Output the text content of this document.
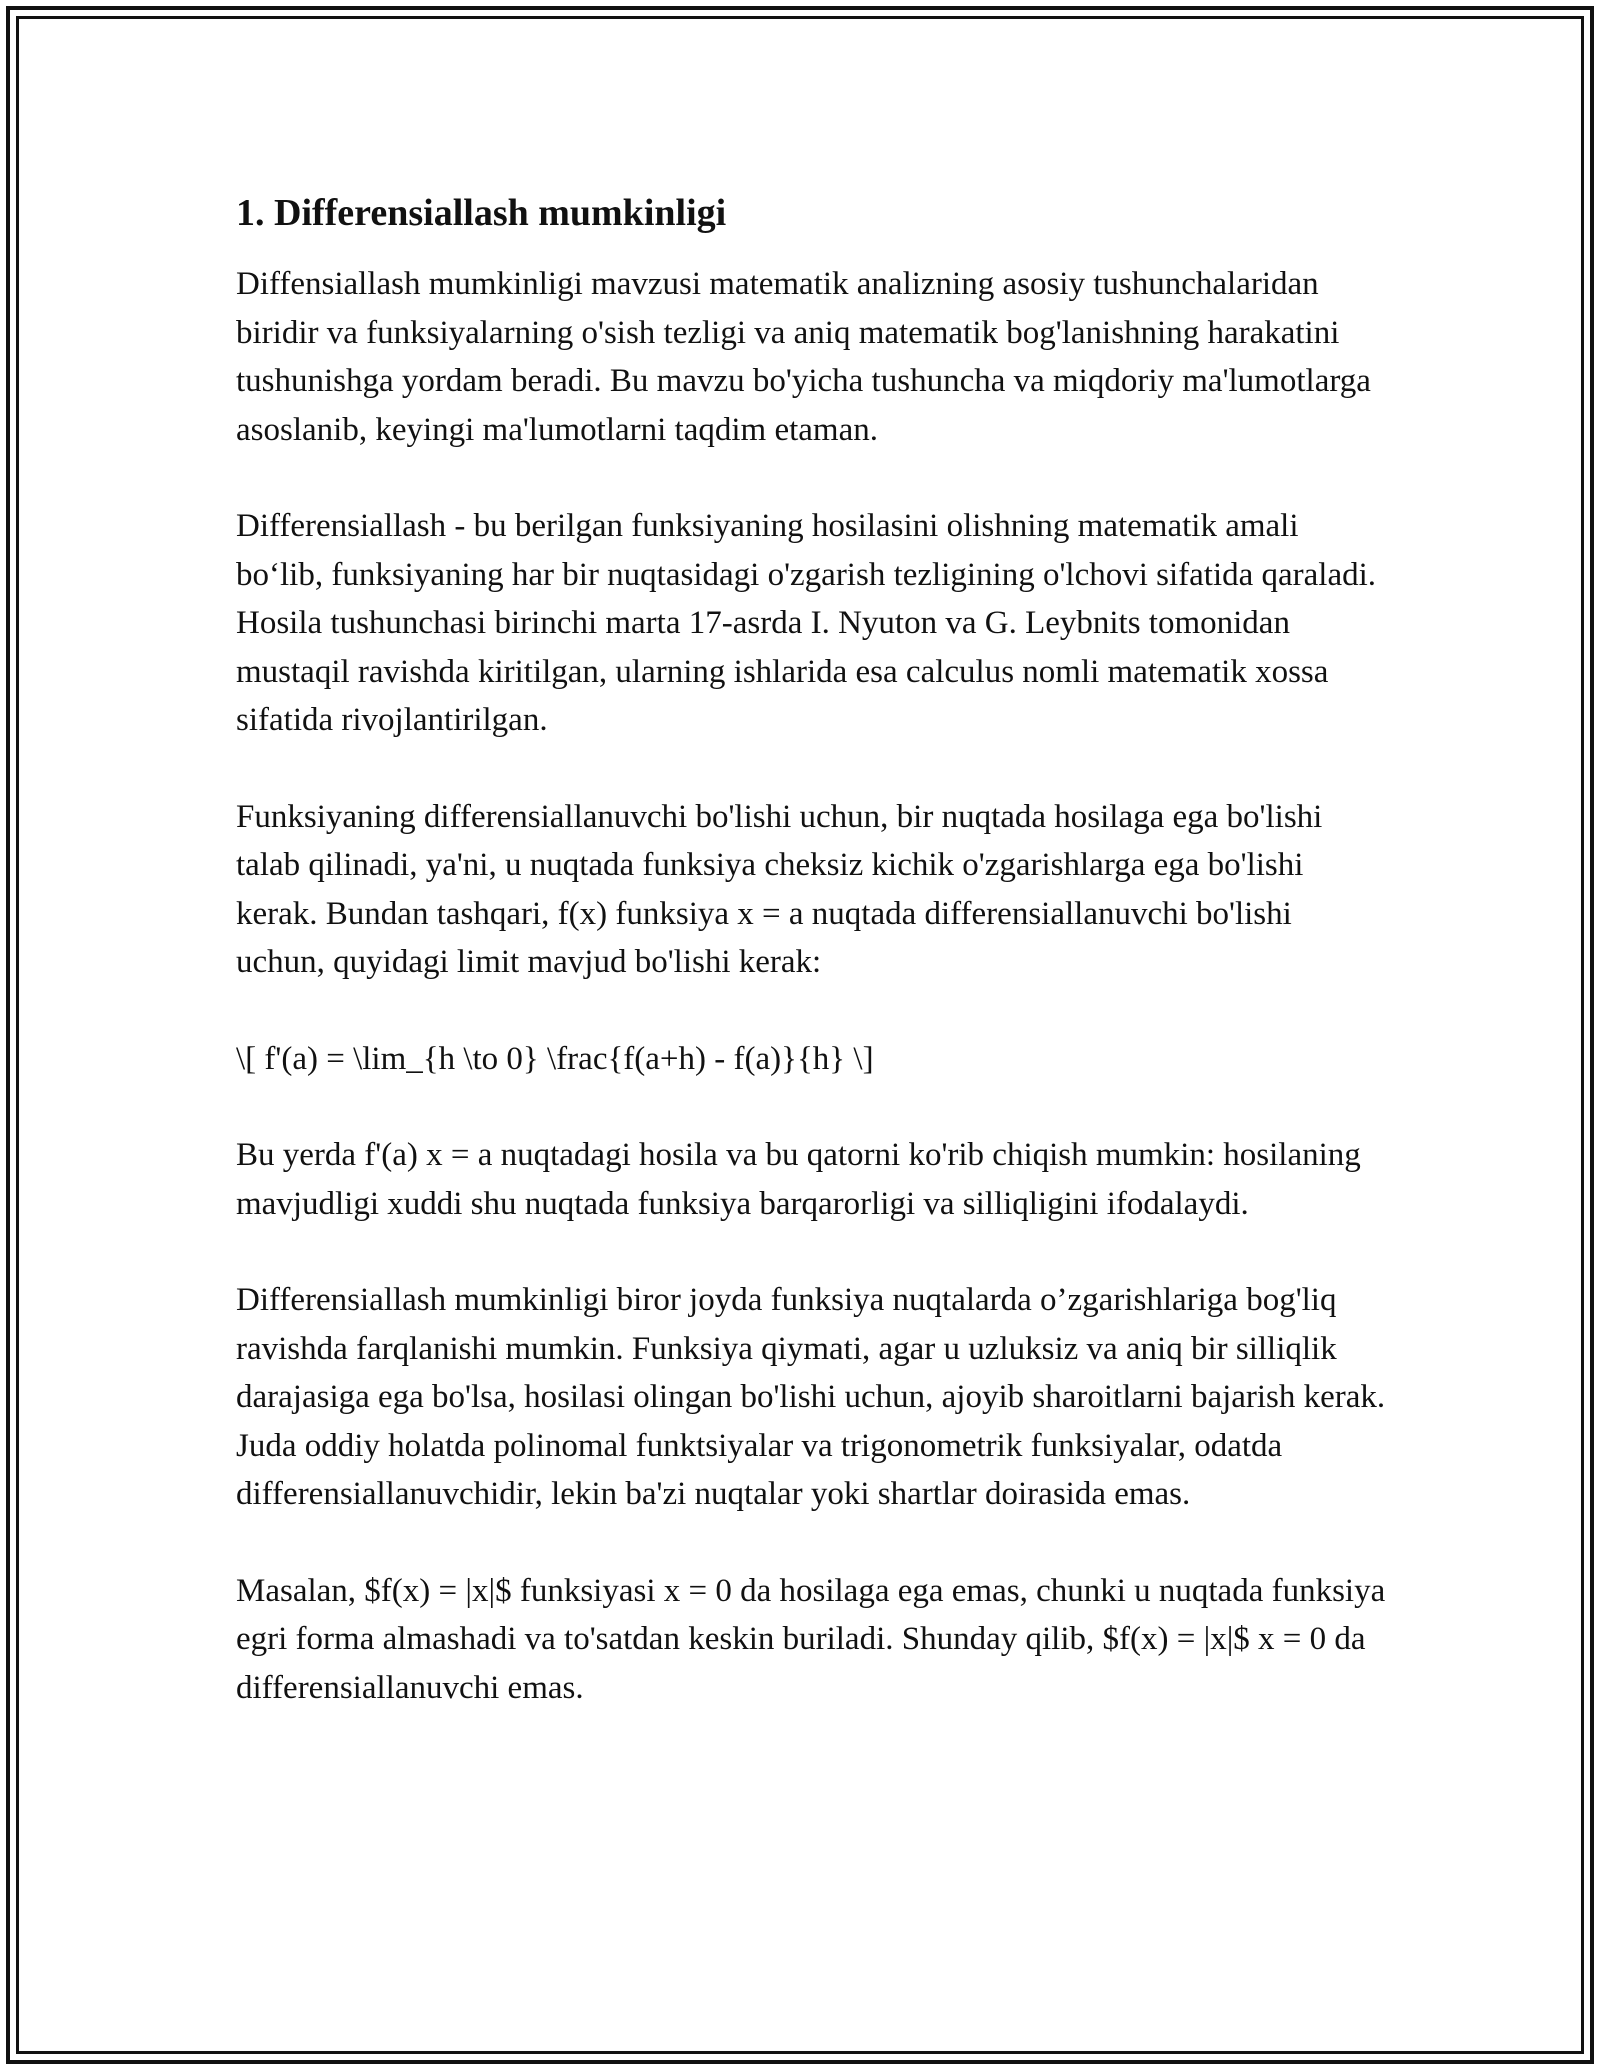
1. Differensiallash mumkinligi

Diffensiallash mumkinligi mavzusi matematik analizning asosiy tushunchalaridan biridir va funksiyalarning o'sish tezligi va aniq matematik bog'lanishning harakatini tushunishga yordam beradi. Bu mavzu bo'yicha tushuncha va miqdoriy ma'lumotlarga asoslanib, keyingi ma'lumotlarni taqdim etaman.

Differensiallash - bu berilgan funksiyaning hosilasini olishning matematik amali bo‘lib, funksiyaning har bir nuqtasidagi o'zgarish tezligining o'lchovi sifatida qaraladi. Hosila tushunchasi birinchi marta 17-asrda I. Nyuton va G. Leybnits tomonidan mustaqil ravishda kiritilgan, ularning ishlarida esa calculus nomli matematik xossa sifatida rivojlantirilgan.

Funksiyaning differensiallanuvchi bo'lishi uchun, bir nuqtada hosilaga ega bo'lishi talab qilinadi, ya'ni, u nuqtada funksiya cheksiz kichik o'zgarishlarga ega bo'lishi kerak. Bundan tashqari, f(x) funksiya x = a nuqtada differensiallanuvchi bo'lishi uchun, quyidagi limit mavjud bo'lishi kerak:

\[ f'(a) = \lim_{h \to 0} \frac{f(a+h) - f(a)}{h} \]

Bu yerda f'(a) x = a nuqtadagi hosila va bu qatorni ko'rib chiqish mumkin: hosilaning mavjudligi xuddi shu nuqtada funksiya barqarorligi va silliqligini ifodalaydi.

Differensiallash mumkinligi biror joyda funksiya nuqtalarda o’zgarishlariga bog'liq ravishda farqlanishi mumkin. Funksiya qiymati, agar u uzluksiz va aniq bir silliqlik darajasiga ega bo'lsa, hosilasi olingan bo'lishi uchun, ajoyib sharoitlarni bajarish kerak. Juda oddiy holatda polinomal funktsiyalar va trigonometrik funksiyalar, odatda differensiallanuvchidir, lekin ba'zi nuqtalar yoki shartlar doirasida emas.

Masalan, $f(x) = |x|$ funksiyasi x = 0 da hosilaga ega emas, chunki u nuqtada funksiya egri forma almashadi va to'satdan keskin buriladi. Shunday qilib, $f(x) = |x|$ x = 0 da differensiallanuvchi emas.
